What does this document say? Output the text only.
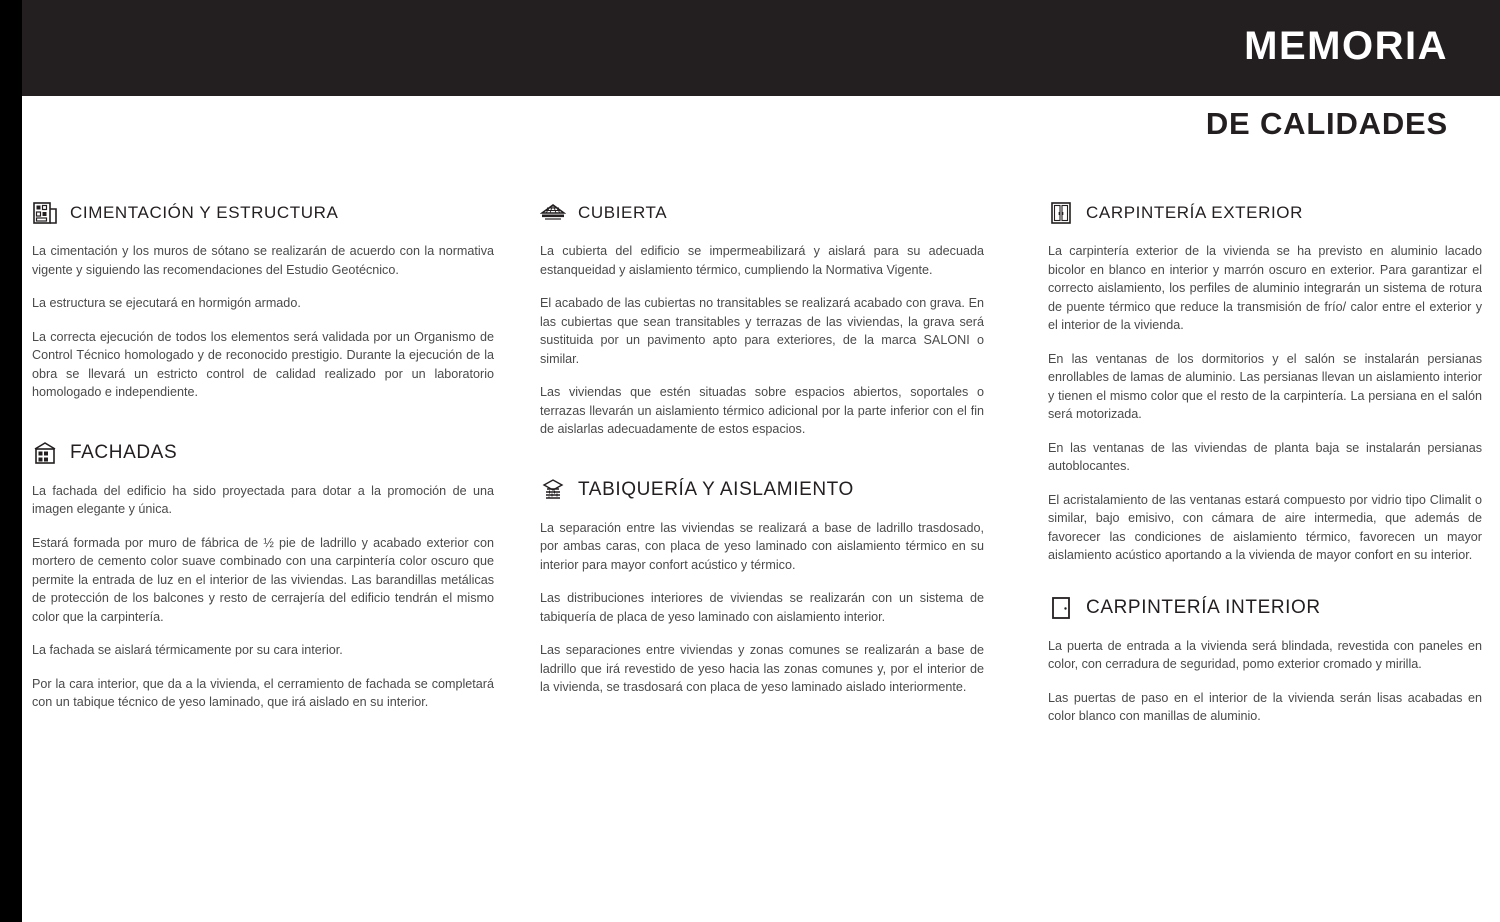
MEMORIA
DE CALIDADES
CIMENTACIÓN Y ESTRUCTURA

La cimentación y los muros de sótano se realizarán de acuerdo con la normativa vigente y siguiendo las recomendaciones del Estudio Geotécnico.

La estructura se ejecutará en hormigón armado.

La correcta ejecución de todos los elementos será validada por un Organismo de Control Técnico homologado y de reconocido prestigio. Durante la ejecución de la obra se llevará un estricto control de calidad realizado por un laboratorio homologado e independiente.

FACHADAS

La fachada del edificio ha sido proyectada para dotar a la promoción de una imagen elegante y única.

Estará formada por muro de fábrica de ½ pie de ladrillo y acabado exterior con mortero de cemento color suave combinado con una carpintería color oscuro que permite la entrada de luz en el interior de las viviendas. Las barandillas metálicas de protección de los balcones y resto de cerrajería del edificio tendrán el mismo color que la carpintería.

La fachada se aislará térmicamente por su cara interior.

Por la cara interior, que da a la vivienda, el cerramiento de fachada se completará con un tabique técnico de yeso laminado, que irá aislado en su interior.

CUBIERTA

La cubierta del edificio se impermeabilizará y aislará para su adecuada estanqueidad y aislamiento térmico, cumpliendo la Normativa Vigente.

El acabado de las cubiertas no transitables se realizará acabado con grava. En las cubiertas que sean transitables y terrazas de las viviendas, la grava será sustituida por un pavimento apto para exteriores, de la marca SALONI o similar.

Las viviendas que estén situadas sobre espacios abiertos, soportales o terrazas llevarán un aislamiento térmico adicional por la parte inferior con el fin de aislarlas adecuadamente de estos espacios.

TABIQUERÍA Y AISLAMIENTO

La separación entre las viviendas se realizará a base de ladrillo trasdosado, por ambas caras, con placa de yeso laminado con aislamiento térmico en su interior para mayor confort acústico y térmico.

Las distribuciones interiores de viviendas se realizarán con un sistema de tabiquería de placa de yeso laminado con aislamiento interior.

Las separaciones entre viviendas y zonas comunes se realizarán a base de ladrillo que irá revestido de yeso hacia las zonas comunes y, por el interior de la vivienda, se trasdosará con placa de yeso laminado aislado interiormente.

CARPINTERÍA EXTERIOR

La carpintería exterior de la vivienda se ha previsto en aluminio lacado bicolor en blanco en interior y marrón oscuro en exterior. Para garantizar el correcto aislamiento, los perfiles de aluminio integrarán un sistema de rotura de puente térmico que reduce la transmisión de frío/ calor entre el exterior y el interior de la vivienda.

En las ventanas de los dormitorios y el salón se instalarán persianas enrollables de lamas de aluminio. Las persianas llevan un aislamiento interior y tienen el mismo color que el resto de la carpintería. La persiana en el salón será motorizada.

En las ventanas de las viviendas de planta baja se instalarán persianas autoblocantes.

El acristalamiento de las ventanas estará compuesto por vidrio tipo Climalit o similar, bajo emisivo, con cámara de aire intermedia, que además de favorecer las condiciones de aislamiento térmico, favorecen un mayor aislamiento acústico aportando a la vivienda de mayor confort en su interior.

CARPINTERÍA INTERIOR

La puerta de entrada a la vivienda será blindada, revestida con paneles en color, con cerradura de seguridad, pomo exterior cromado y mirilla.

Las puertas de paso en el interior de la vivienda serán lisas acabadas en color blanco con manillas de aluminio.
